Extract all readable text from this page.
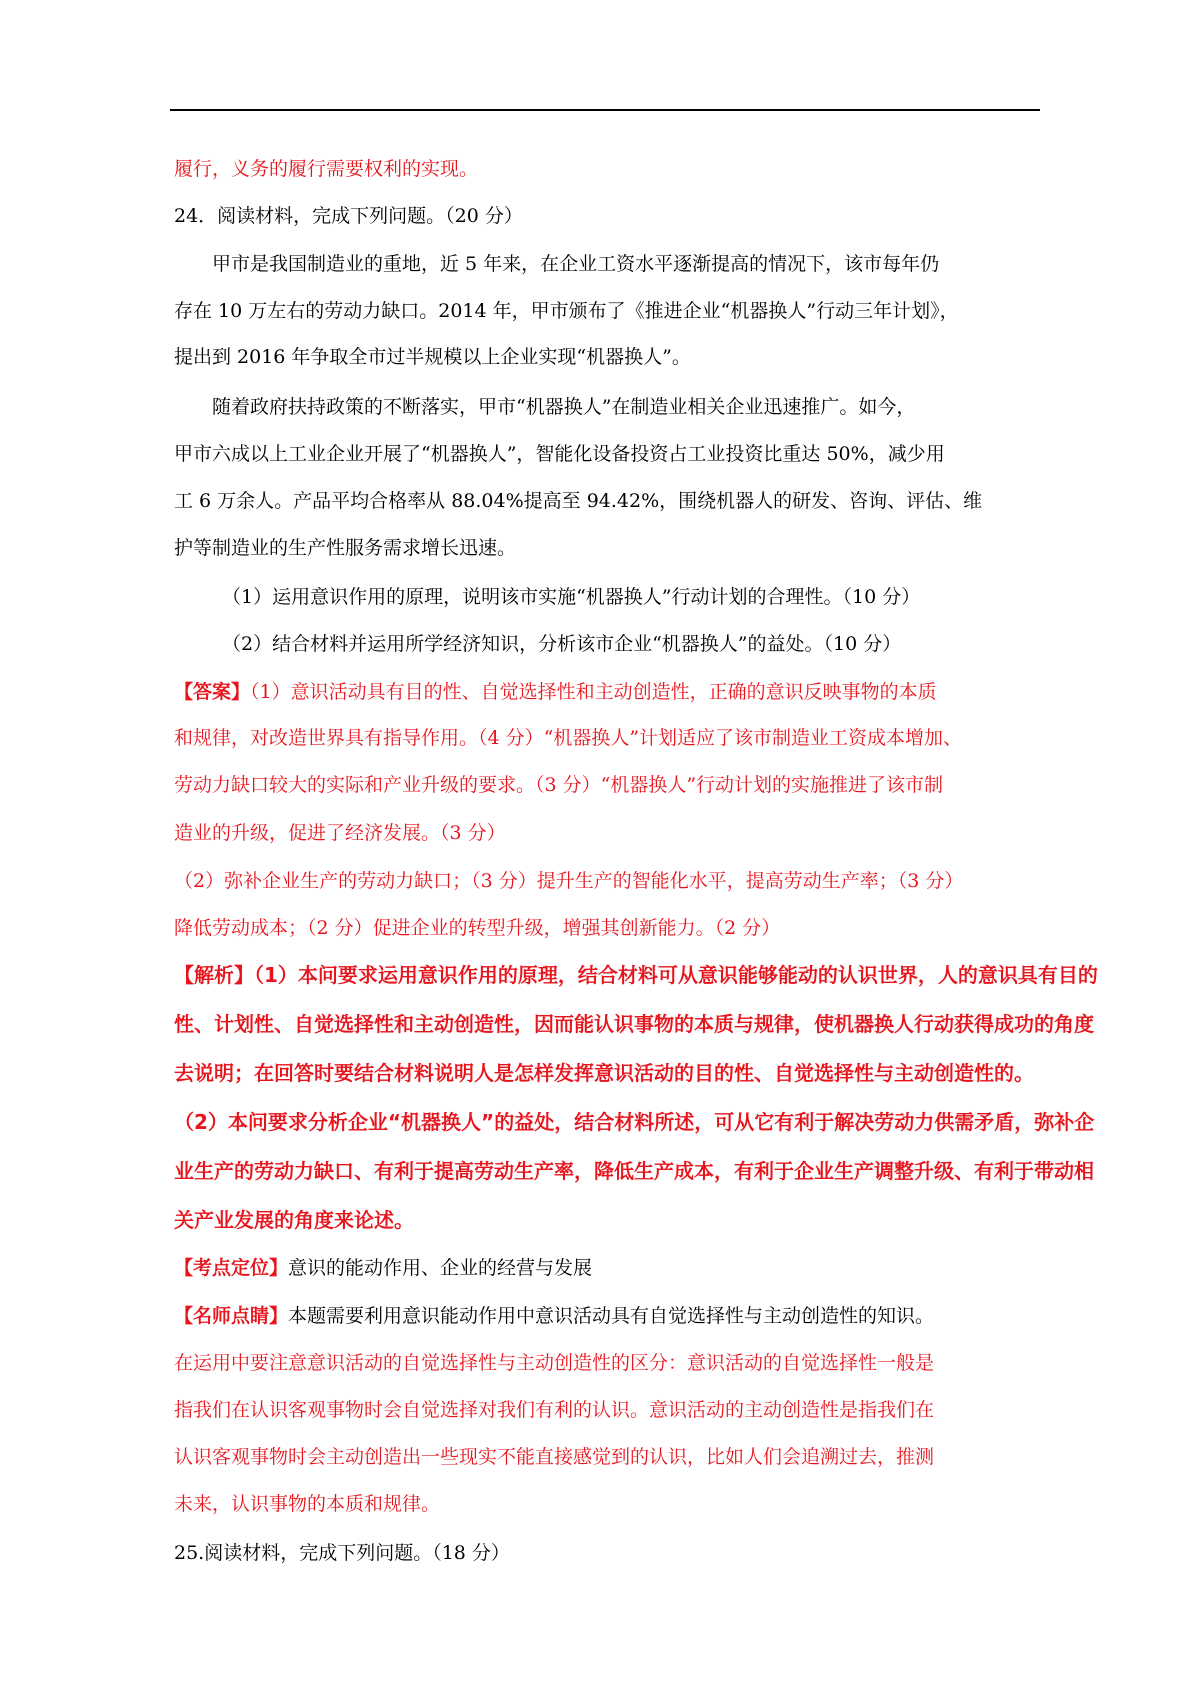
履行，义务的履行需要权利的实现。
24．阅读材料，完成下列问题。（20 分）
甲市是我国制造业的重地，近 5 年来，在企业工资水平逐渐提高的情况下，该市每年仍
存在 10 万左右的劳动力缺口。2014 年，甲市颁布了《推进企业“机器换人”行动三年计划》，
提出到 2016 年争取全市过半规模以上企业实现“机器换人”。
随着政府扶持政策的不断落实，甲市“机器换人”在制造业相关企业迅速推广。如今，
甲市六成以上工业企业开展了“机器换人”，智能化设备投资占工业投资比重达 50%，减少用
工 6 万余人。产品平均合格率从 88.04%提高至 94.42%，围绕机器人的研发、咨询、评估、维
护等制造业的生产性服务需求增长迅速。
（1）运用意识作用的原理，说明该市实施“机器换人”行动计划的合理性。（10 分）
（2）结合材料并运用所学经济知识，分析该市企业“机器换人”的益处。（10 分）
【答案】（1）意识活动具有目的性、自觉选择性和主动创造性，正确的意识反映事物的本质
和规律，对改造世界具有指导作用。（4 分）“机器换人”计划适应了该市制造业工资成本增加、
劳动力缺口较大的实际和产业升级的要求。（3 分）“机器换人”行动计划的实施推进了该市制
造业的升级，促进了经济发展。（3 分）
（2）弥补企业生产的劳动力缺口；（3 分）提升生产的智能化水平，提高劳动生产率；（3 分）
降低劳动成本；（2 分）促进企业的转型升级，增强其创新能力。（2 分）
【解析】（1）本问要求运用意识作用的原理，结合材料可从意识能够能动的认识世界，人的意识具有目的
性、计划性、自觉选择性和主动创造性，因而能认识事物的本质与规律，使机器换人行动获得成功的角度
去说明；在回答时要结合材料说明人是怎样发挥意识活动的目的性、自觉选择性与主动创造性的。
（2）本问要求分析企业“机器换人”的益处，结合材料所述，可从它有利于解决劳动力供需矛盾，弥补企
业生产的劳动力缺口、有利于提高劳动生产率，降低生产成本，有利于企业生产调整升级、有利于带动相
关产业发展的角度来论述。
【考点定位】意识的能动作用、企业的经营与发展
【名师点睛】本题需要利用意识能动作用中意识活动具有自觉选择性与主动创造性的知识。
在运用中要注意意识活动的自觉选择性与主动创造性的区分：意识活动的自觉选择性一般是
指我们在认识客观事物时会自觉选择对我们有利的认识。意识活动的主动创造性是指我们在
认识客观事物时会主动创造出一些现实不能直接感觉到的认识，比如人们会追溯过去，推测
未来，认识事物的本质和规律。
25.阅读材料，完成下列问题。（18 分）
